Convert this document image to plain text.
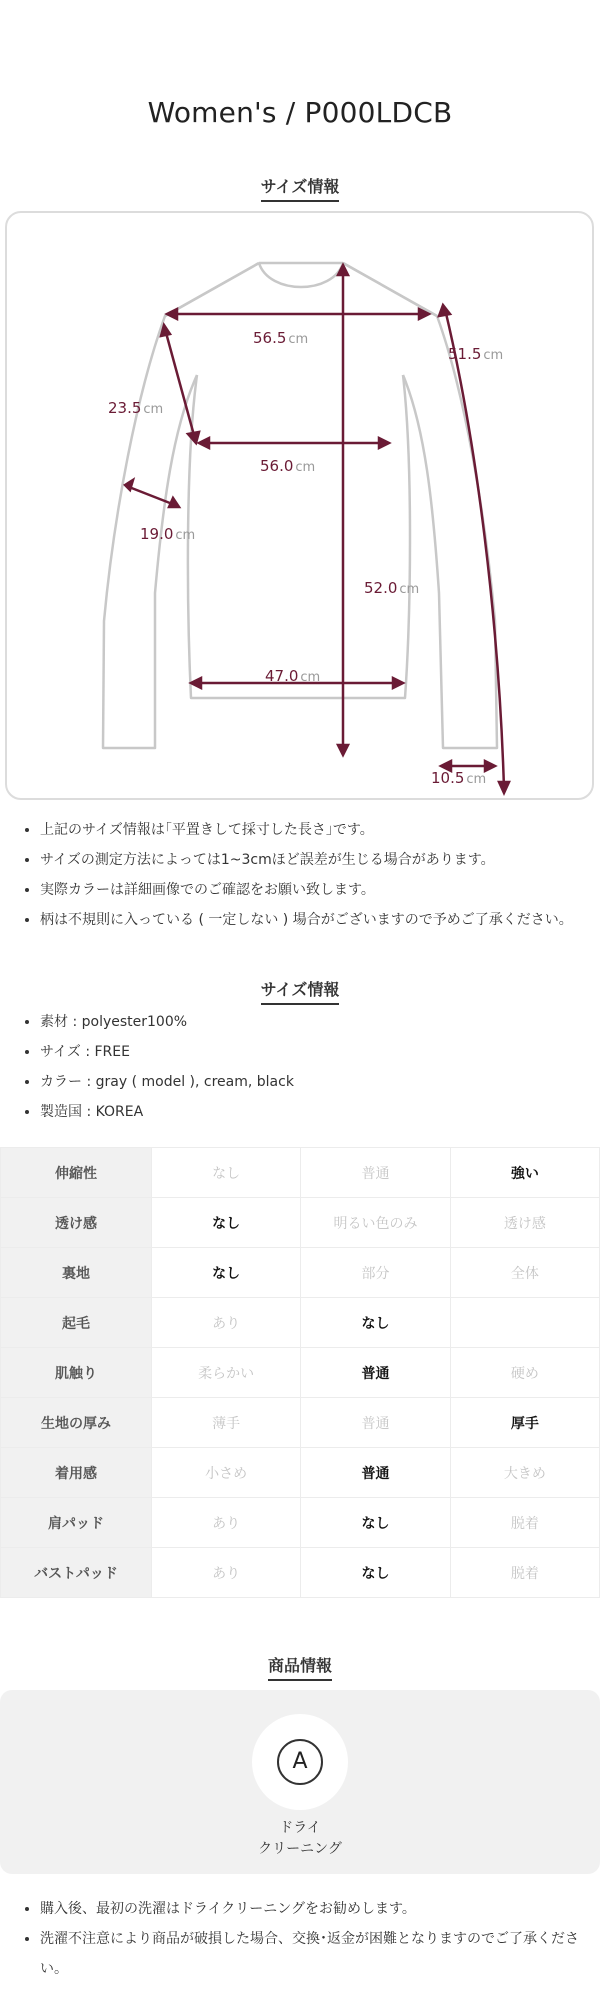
Women's / P000LDCB
サイズ情報
56.5 cm
51.5 cm
23.5 cm
56.0 cm
19.0 cm
52.0 cm
47.0 cm
10.5 cm
• 上記のサイズ情報は｢平置きして採寸した長さ｣です。
• サイズの測定方法によっては1~3cmほど誤差が生じる場合があります。
• 実際カラーは詳細画像でのご確認をお願い致します。
• 柄は不規則に入っている ( 一定しない ) 場合がございますので予めご了承ください。
サイズ情報
• 素材 : polyester100%
• サイズ : FREE
• カラー : gray ( model ), cream, black
• 製造国 : KOREA
伸縮性	なし	普通	強い
透け感	なし	明るい色のみ	透け感
裏地	なし	部分	全体
起毛	あり	なし	
肌触り	柔らかい	普通	硬め
生地の厚み	薄手	普通	厚手
着用感	小さめ	普通	大きめ
肩パッド	あり	なし	脱着
バストパッド	あり	なし	脱着
商品情報
A
ドライ
クリーニング
• 購入後、最初の洗濯はドライクリーニングをお勧めします。
• 洗濯不注意により商品が破損した場合、交換･返金が困難となりますのでご了承ください。
